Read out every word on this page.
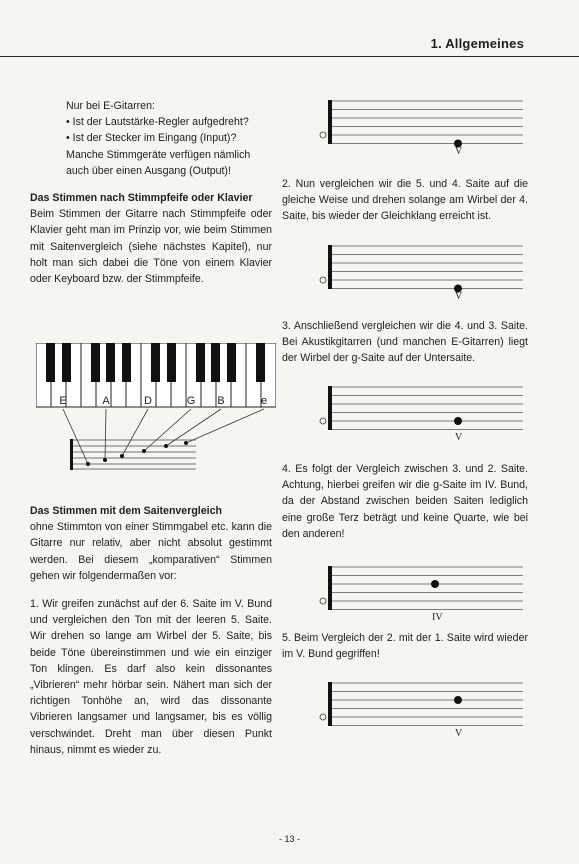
1. Allgemeines

Nur bei E-Gitarren:

• Ist der Lautstärke-Regler aufgedreht?

• Ist der Stecker im Eingang (Input)?

Manche Stimmgeräte verfügen nämlich

auch über einen Ausgang (Output)!

Das Stimmen nach Stimmpfeife oder Klavier

Beim Stimmen der Gitarre nach Stimmpfeife oder Klavier geht man im Prinzip vor, wie beim Stimmen mit Saitenvergleich (siehe nächstes Kapitel), nur holt man sich dabei die Töne von einem Klavier oder Keyboard bzw. der Stimmpfeife.

E	A	D	G B	e

Das Stimmen mit dem Saitenvergleich

ohne Stimmton von einer Stimmgabel etc. kann die Gitarre nur relativ, aber nicht absolut gestimmt werden. Bei diesem „komparativen“ Stimmen gehen wir folgendermaßen vor:

1. Wir greifen zunächst auf der 6. Saite im V. Bund und vergleichen den Ton mit der leeren 5. Saite. Wir drehen so lange am Wirbel der 5. Saite, bis beide Töne übereinstimmen und wie ein einziger Ton klingen. Es darf also kein dissonantes „Vibrieren“ mehr hörbar sein. Nähert man sich der richtigen Tonhöhe an, wird das dissonante Vibrieren langsamer und langsamer, bis es völlig verschwindet. Dreht man über diesen Punkt hinaus, nimmt es wieder zu.

V

2. Nun vergleichen wir die 5. und 4. Saite auf die gleiche Weise und drehen solange am Wirbel der 4. Saite, bis wieder der Gleichklang erreicht ist.

V

3. Anschließend vergleichen wir die 4. und 3. Saite. Bei Akustikgitarren (und manchen E-Gitarren) liegt der Wirbel der g-Saite auf der Untersaite.

V

4. Es folgt der Vergleich zwischen 3. und 2. Saite. Achtung, hierbei greifen wir die g-Saite im IV. Bund, da der Abstand zwischen beiden Saiten lediglich eine große Terz beträgt und keine Quarte, wie bei den anderen!

IV

5. Beim Vergleich der 2. mit der 1. Saite wird wieder im V. Bund gegriffen!

V
- 13 -
